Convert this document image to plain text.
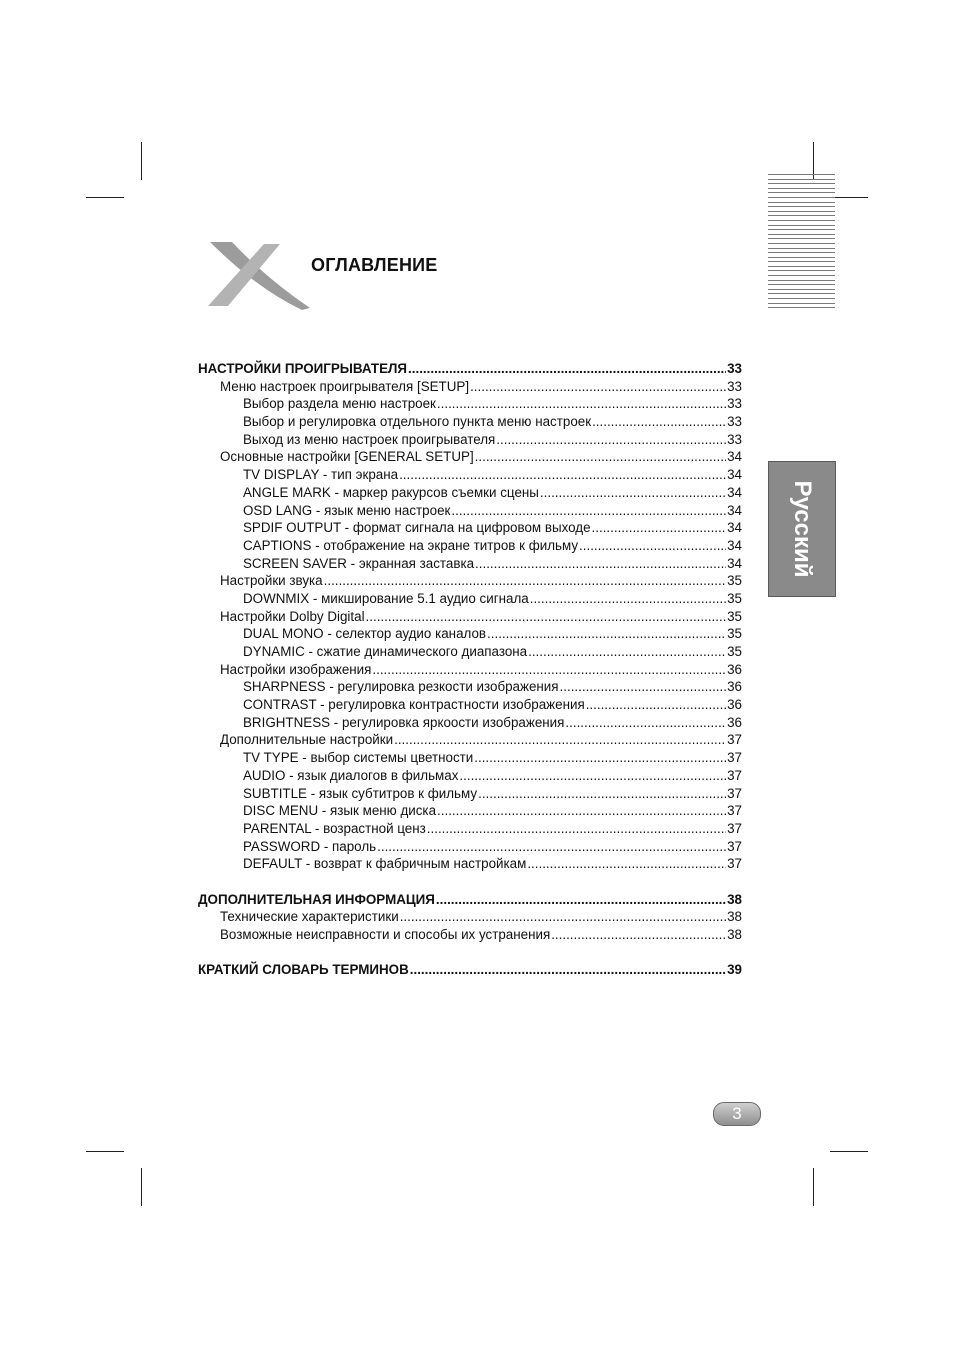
ОГЛАВЛЕНИЕ
Русский
НАСТРОЙКИ ПРОИГРЫВАТЕЛЯ .....	33
Меню настроек проигрывателя [SETUP] .....	33
Выбор раздела меню настроек .....	33
Выбор и регулировка отдельного пункта меню настроек .....	33
Выход из меню настроек проигрывателя .....	33
Основные настройки [GENERAL SETUP] .....	34
TV DISPLAY - тип экрана .....	34
ANGLE MARK - маркер ракурсов съемки сцены .....	34
OSD LANG - язык меню настроек .....	34
SPDIF OUTPUT - формат сигнала на цифровом выходе .....	34
CAPTIONS - отображение на экране титров к фильму .....	34
SCREEN SAVER - экранная заставка .....	34
Настройки звука .....	35
DOWNMIX - микширование 5.1 аудио сигнала .....	35
Настройки Dolby Digital .....	35
DUAL MONO - селектор аудио каналов .....	35
DYNAMIC - сжатие динамического диапазона .....	35
Настройки изображения .....	36
SHARPNESS - регулировка резкости изображения .....	36
CONTRAST - регулировка контрастности изображения .....	36
BRIGHTNESS - регулировка яркоости изображения .....	36
Дополнительные настройки .....	37
TV TYPE - выбор системы цветности .....	37
AUDIO - язык диалогов в фильмах .....	37
SUBTITLE - язык субтитров к фильму .....	37
DISC MENU - язык меню диска .....	37
PARENTAL - возрастной ценз .....	37
PASSWORD - пароль .....	37
DEFAULT - возврат к фабричным настройкам .....	37
ДОПОЛНИТЕЛЬНАЯ ИНФОРМАЦИЯ .....	38
Технические характеристики .....	38
Возможные неисправности и способы их устранения .....	38
КРАТКИЙ СЛОВАРЬ ТЕРМИНОВ .....	39
3
